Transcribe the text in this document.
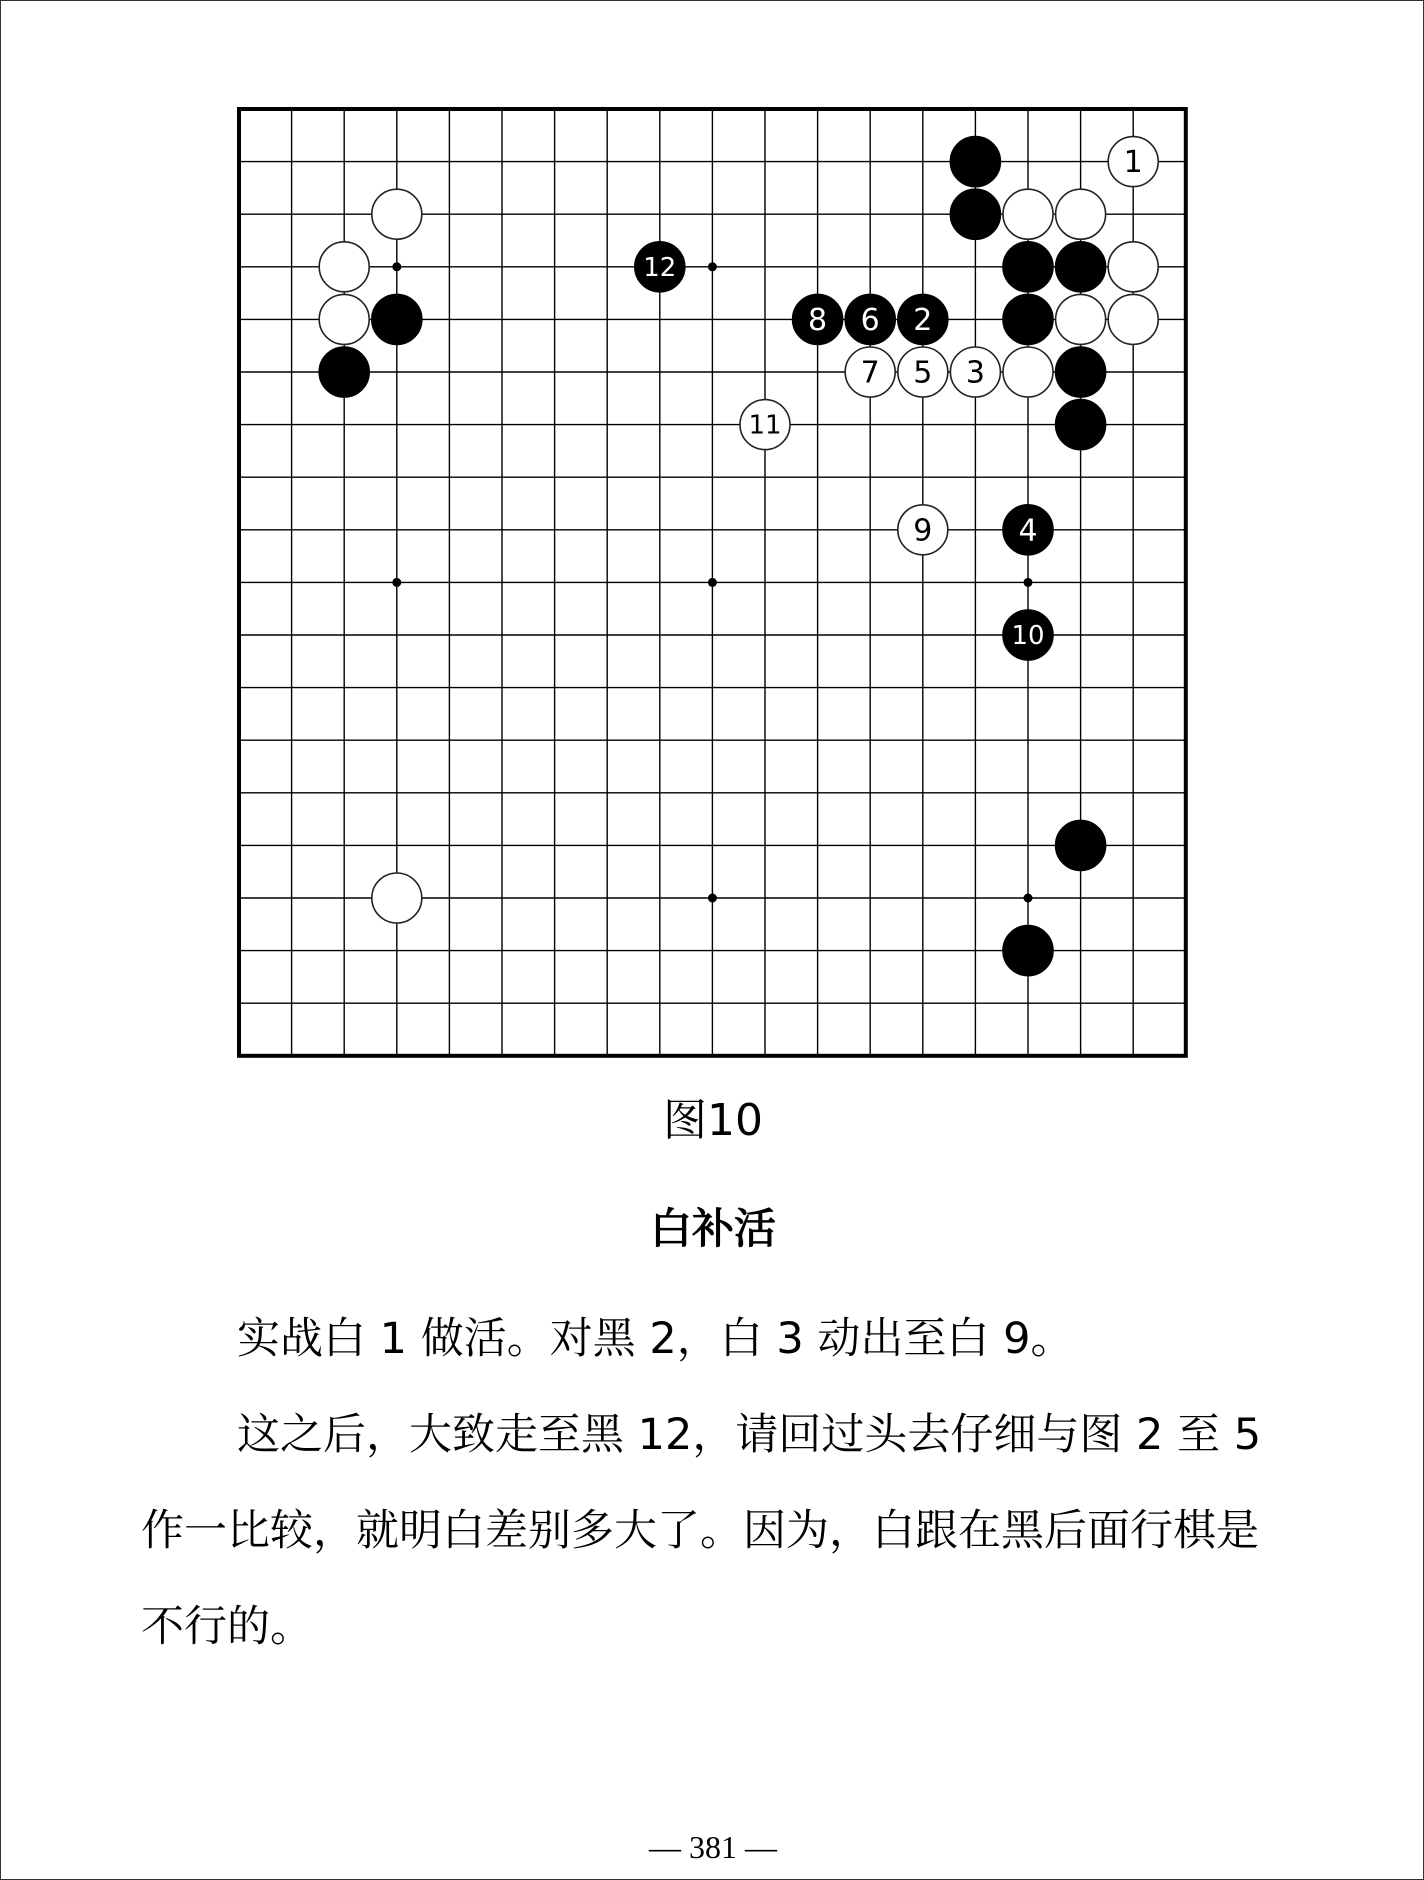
12
8 6 2
7 5 3
11
9	4
10
1
图10
白补活

实战白 1 做活。对黑 2，白 3 动出至白 9。

这之后，大致走至黑 12，请回过头去仔细与图 2 至 5 作一比较，就明白差别多大了。因为，白跟在黑后面行棋是不行的。

— 381 —
